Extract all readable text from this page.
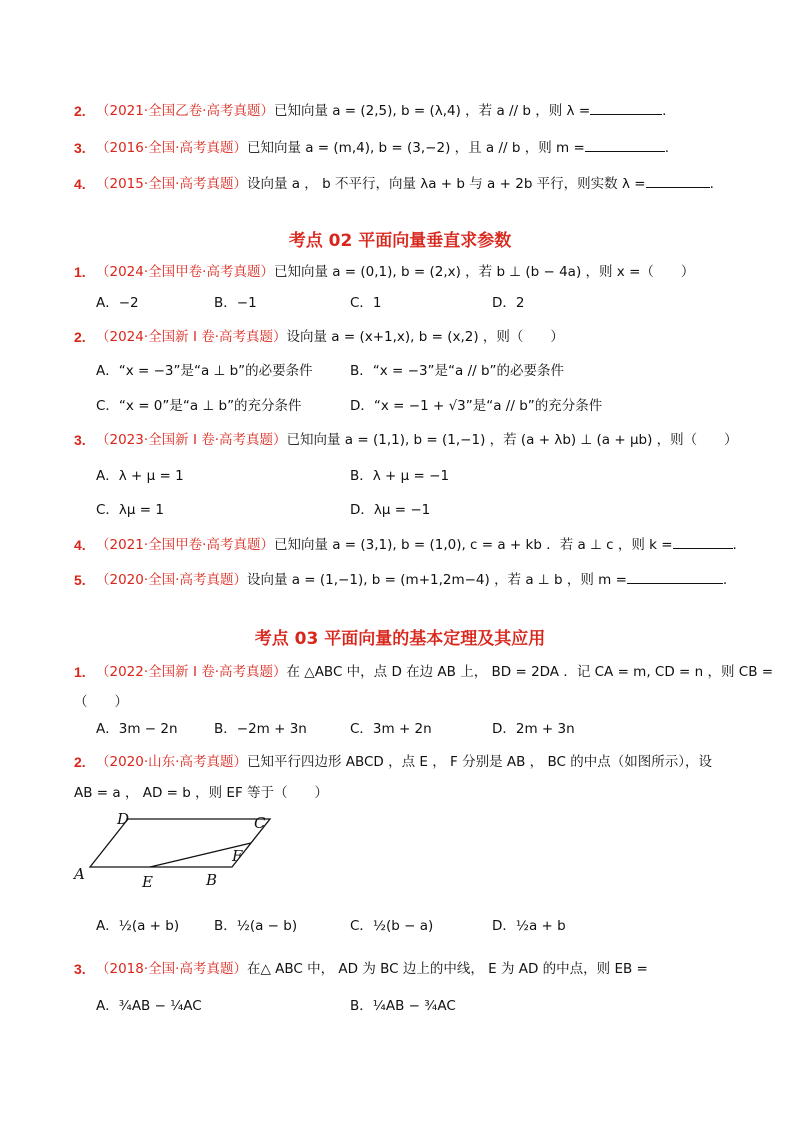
2. （2021·全国乙卷·高考真题）已知向量 a = (2,5), b = (λ,4) ，若 a // b ，则 λ =	.
3. （2016·全国·高考真题）已知向量 a = (m,4), b = (3,−2) ，且 a // b ，则 m =	.
4. （2015·全国·高考真题）设向量 a ， b 不平行，向量 λa + b 与 a + 2b 平行，则实数 λ =	.
考点 02 平面向量垂直求参数
1. （2024·全国甲卷·高考真题）已知向量 a = (0,1), b = (2,x) ，若 b ⊥ (b − 4a) ，则 x =（　　）
A．−2	B．−1	C．1	D．2
2. （2024·全国新 I 卷·高考真题）设向量 a = (x+1,x), b = (x,2) ，则（　　）
A．“x = −3”是“a ⊥ b”的必要条件	B．“x = −3”是“a // b”的必要条件
C．“x = 0”是“a ⊥ b”的充分条件	D．“x = −1 + √3”是“a // b”的充分条件
3. （2023·全国新 I 卷·高考真题）已知向量 a = (1,1), b = (1,−1) ，若 (a + λb) ⊥ (a + μb) ，则（　　）
A．λ + μ = 1	B．λ + μ = −1
C．λμ = 1	D．λμ = −1
4. （2021·全国甲卷·高考真题）已知向量 a = (3,1), b = (1,0), c = a + kb ．若 a ⊥ c ，则 k =	.
5. （2020·全国·高考真题）设向量 a = (1,−1), b = (m+1,2m−4) ，若 a ⊥ b ，则 m =	.
考点 03 平面向量的基本定理及其应用
1. （2022·全国新 I 卷·高考真题）在 △ABC 中，点 D 在边 AB 上， BD = 2DA ．记 CA = m, CD = n ，则 CB =
（　　）
A．3m − 2n	B．−2m + 3n	C．3m + 2n	D．2m + 3n
2. （2020·山东·高考真题）已知平行四边形 ABCD ，点 E ， F 分别是 AB ， BC 的中点（如图所示），设
AB = a ， AD = b ，则 EF 等于（　　）
A
D	C
F
E	B
A．½(a + b)	B．½(a − b)	C．½(b − a)	D．½a + b
3. （2018·全国·高考真题）在△ ABC 中， AD 为 BC 边上的中线， E 为 AD 的中点，则 EB =
A．¾AB − ¼AC	B．¼AB − ¾AC
